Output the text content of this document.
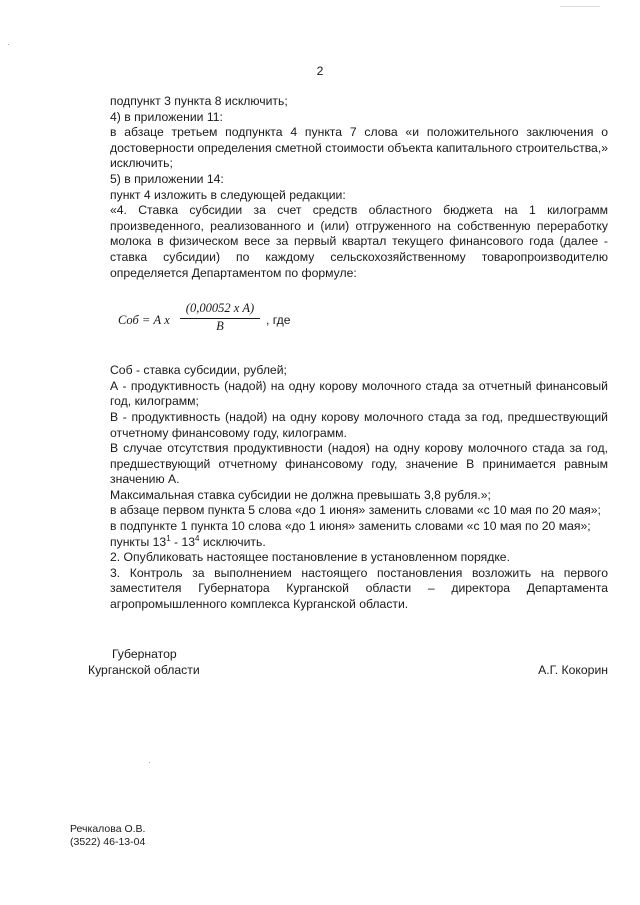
2

подпункт 3 пункта 8 исключить;

4) в приложении 11:

в абзаце третьем подпункта 4 пункта 7 слова «и положительного заключения о достоверности определения сметной стоимости объекта капитального строительства,» исключить;

5) в приложении 14:

пункт 4 изложить в следующей редакции:

«4. Ставка субсидии за счет средств областного бюджета на 1 килограмм произведенного, реализованного и (или) отгруженного на собственную переработку молока в физическом весе за первый квартал текущего финансового года (далее - ставка субсидии) по каждому сельскохозяйственному товаропроизводителю определяется Департаментом по формуле:

Соб = А х
(0,00052 х А)
В	, где

Соб - ставка субсидии, рублей;

А - продуктивность (надой) на одну корову молочного стада за отчетный финансовый год, килограмм;

В - продуктивность (надой) на одну корову молочного стада за год, предшествующий отчетному финансовому году, килограмм.

В случае отсутствия продуктивности (надоя) на одну корову молочного стада за год, предшествующий отчетному финансовому году, значение В принимается равным значению А.

Максимальная ставка субсидии не должна превышать 3,8 рубля.»;

в абзаце первом пункта 5 слова «до 1 июня» заменить словами «с 10 мая по 20 мая»;

в подпункте 1 пункта 10 слова «до 1 июня» заменить словами «с 10 мая по 20 мая»;

пункты $13^1 - 13^4$ исключить.

2. Опубликовать настоящее постановление в установленном порядке.

3. Контроль за выполнением настоящего постановления возложить на первого заместителя Губернатора Курганской области – директора Департамента агропромышленного комплекса Курганской области.

Губернатор
Курганской области	А.Г. Кокорин
Речкалова О.В.
(3522) 46-13-04
